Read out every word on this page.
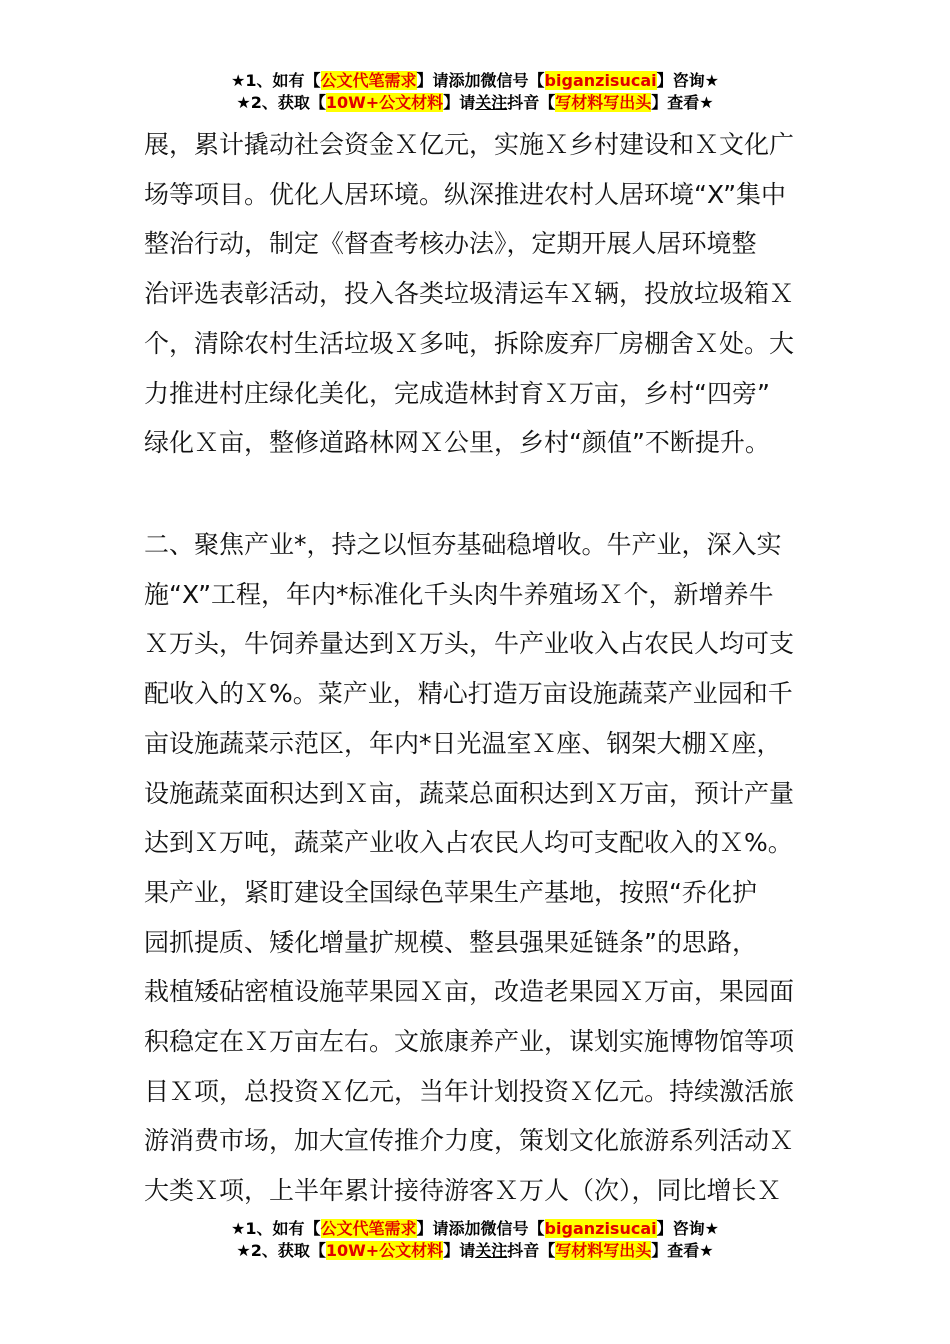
★1、如有【公文代笔需求】请添加微信号【biganzisucai】咨询★
★2、获取【10W+公文材料】请关注抖音【写材料写出头】查看★

展，累计撬动社会资金Ｘ亿元，实施Ｘ乡村建设和Ｘ文化广
场等项目。优化人居环境。纵深推进农村人居环境“X”集中
整治行动，制定《督查考核办法》，定期开展人居环境整
治评选表彰活动，投入各类垃圾清运车Ｘ辆，投放垃圾箱Ｘ
个，清除农村生活垃圾Ｘ多吨，拆除废弃厂房棚舍Ｘ处。大
力推进村庄绿化美化，完成造林封育Ｘ万亩，乡村“四旁”
绿化Ｘ亩，整修道路林网Ｘ公里，乡村“颜值”不断提升。

二、聚焦产业*，持之以恒夯基础稳增收。牛产业，深入实
施“X”工程，年内*标准化千头肉牛养殖场Ｘ个，新增养牛
Ｘ万头，牛饲养量达到Ｘ万头，牛产业收入占农民人均可支
配收入的Ｘ%。菜产业，精心打造万亩设施蔬菜产业园和千
亩设施蔬菜示范区，年内*日光温室Ｘ座、钢架大棚Ｘ座，
设施蔬菜面积达到Ｘ亩，蔬菜总面积达到Ｘ万亩，预计产量
达到Ｘ万吨，蔬菜产业收入占农民人均可支配收入的Ｘ%。
果产业，紧盯建设全国绿色苹果生产基地，按照“乔化护
园抓提质、矮化增量扩规模、整县强果延链条”的思路，
栽植矮砧密植设施苹果园Ｘ亩，改造老果园Ｘ万亩，果园面
积稳定在Ｘ万亩左右。文旅康养产业，谋划实施博物馆等项
目Ｘ项，总投资Ｘ亿元，当年计划投资Ｘ亿元。持续激活旅
游消费市场，加大宣传推介力度，策划文化旅游系列活动Ｘ
大类Ｘ项，上半年累计接待游客Ｘ万人（次），同比增长Ｘ

★1、如有【公文代笔需求】请添加微信号【biganzisucai】咨询★
★2、获取【10W+公文材料】请关注抖音【写材料写出头】查看★
